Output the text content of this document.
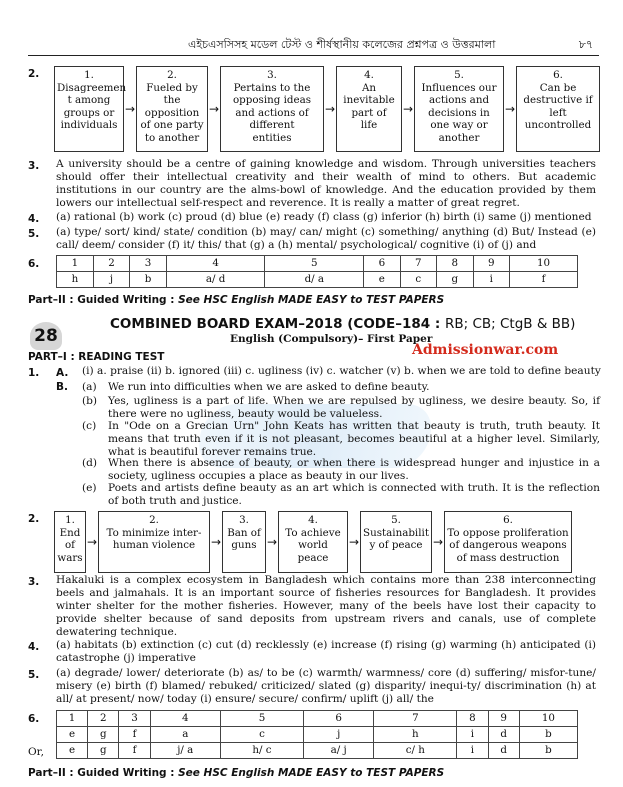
এইচএসসিসহ মডেল টেস্ট ও শীর্ষস্থানীয় কলেজের প্রশ্নপত্র ও উত্তরমালা	৮৭
2.	1.
Disagreemen
t among
groups or
individuals
→
2.
Fueled by
the
opposition
of one party
to another
→
3.
Pertains to the
opposing ideas
and actions of
different
entities
→
4.
An
inevitable
part of
life
→
5.
Influences our
actions and
decisions in
one way or
another
→
6.
Can be
destructive if
left
uncontrolled
3. A university should be a centre of gaining knowledge and wisdom. Through universities teachers should offer their intellectual creativity and their wealth of mind to others. But academic institutions in our country are the alms-bowl of knowledge. And the education provided by them lowers our intellectual self-respect and reverence. It is really a matter of great regret.
4. (a) rational (b) work (c) proud (d) blue (e) ready (f) class (g) inferior (h) birth (i) same (j) mentioned
5. (a) type/ sort/ kind/ state/ condition (b) may/ can/ might (c) something/ anything (d) But/ Instead (e) call/ deem/ consider (f) it/ this/ that (g) a (h) mental/ psychological/ cognitive (i) of (j) and
6.	1	2	3	4	5	6	7	8	9	10
h	j	b	a/ d	d/ a	e	c	g	i	f
Part–II : Guided Writing : See HSC English MADE EASY to TEST PAPERS
28
COMBINED BOARD EXAM–2018 (CODE–184 : RB; CB; CtgB & BB)
English (Compulsory)– First Paper
Admissionwar.com
PART–I : READING TEST
1. A. (i) a. praise (ii) b. ignored (iii) c. ugliness (iv) c. watcher (v) b. when we are told to define beauty
B. (a) We run into difficulties when we are asked to define beauty.
(b) Yes, ugliness is a part of life. When we are repulsed by ugliness, we desire beauty. So, if there were no ugliness, beauty would be valueless.
(c) In "Ode on a Grecian Urn" John Keats has written that beauty is truth, truth beauty. It means that truth even if it is not pleasant, becomes beautiful at a higher level. Similarly, what is beautiful forever remains true.
(d) When there is absence of beauty, or when there is widespread hunger and injustice in a society, ugliness occupies a place as beauty in our lives.
(e) Poets and artists define beauty as an art which is connected with truth. It is the reflection of both truth and justice.
2.	1.
End
of
wars
→
2.
To minimize inter-
human violence	→
3.
Ban of
guns →
4.
To achieve
world
peace
→
5.
Sustainabilit
y of peace →
6.
To oppose proliferation
of dangerous weapons
of mass destruction
3. Hakaluki is a complex ecosystem in Bangladesh which contains more than 238 interconnecting beels and jalmahals. It is an important source of fisheries resources for Bangladesh. It provides winter shelter for the mother fisheries. However, many of the beels have lost their capacity to provide shelter because of sand deposits from upstream rivers and canals, use of complete dewatering technique.
4. (a) habitats (b) extinction (c) cut (d) recklessly (e) increase (f) rising (g) warming (h) anticipated (i) catastrophe (j) imperative
5. (a) degrade/ lower/ deteriorate (b) as/ to be (c) warmth/ warmness/ core (d) suffering/ misfor-tune/ misery (e) birth (f) blamed/ rebuked/ criticized/ slated (g) disparity/ inequi-ty/ discrimination (h) at all/ at present/ now/ today (i) ensure/ secure/ confirm/ uplift (j) all/ the
6.
Or,
1	2	3	4	5	6	7	8	9	10
e	g	f	a	c	j	h	i	d	b
e	g	f	j/ a	h/ c	a/ j	c/ h	i	d	b
Part–II : Guided Writing : See HSC English MADE EASY to TEST PAPERS
